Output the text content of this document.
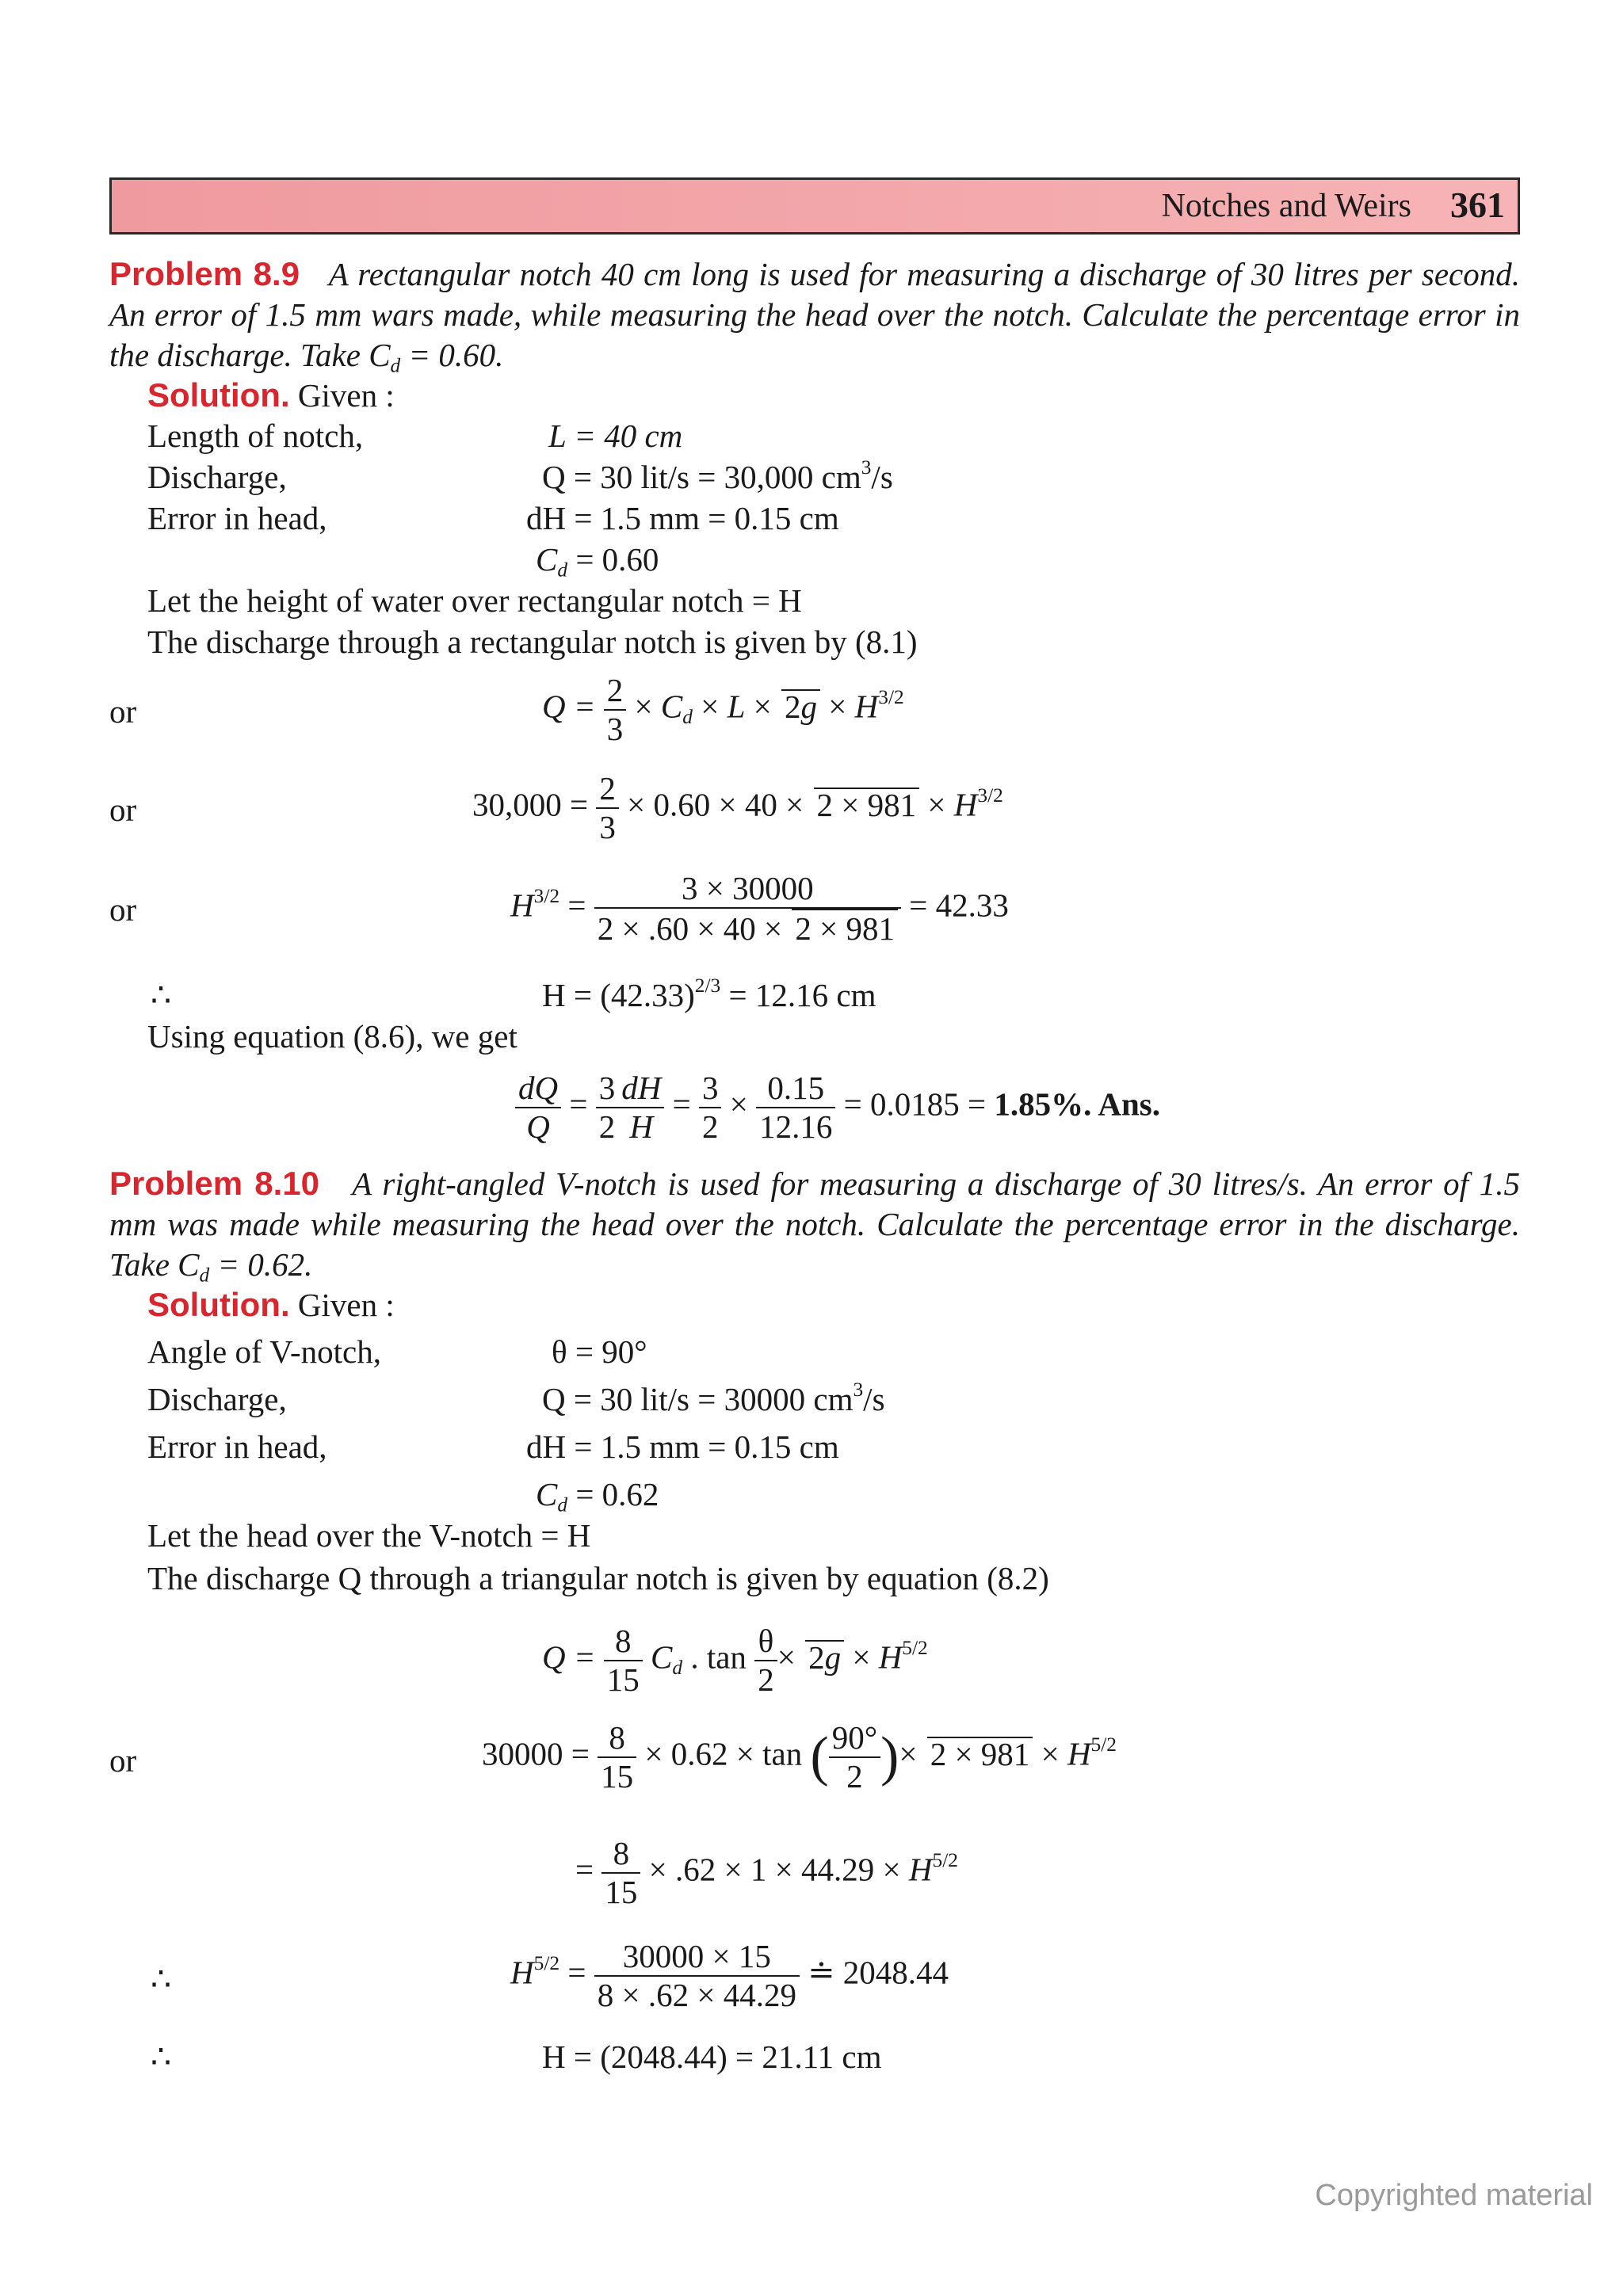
Notches and Weirs 361
Problem 8.9 A rectangular notch 40 cm long is used for measuring a discharge of 30 litres per second. An error of 1.5 mm wars made, while measuring the head over the notch. Calculate the percentage error in the discharge. Take $C_d = 0.60$.
Solution. Given :
Length of notch,	L = 40 cm
Discharge,	Q = 30 lit/s = 30,000 $cm^3/s$
Error in head,	dH = 1.5 mm = 0.15 cm
$C_d = 0.60$
Let the height of water over rectangular notch = H
The discharge through a rectangular notch is given by (8.1)
or	$Q = \frac{2}{3} \times C_d \times L \times 2g \times H^{3/2}$
or	$30,000 = \frac{2}{3} \times 0.60 \times 40 \times 2 \times 981 \times H^{3/2}$
or	$H^{3/2} = \frac{3 \times 30000}{2 \times .60 \times 40 \times 2 \times 981} = 42.33$
∴	$H = (42.33)^{2/3} = 12.16$ cm
Using equation (8.6), we get
$\frac{dQ}{Q} = \frac{3}{2} \frac{dH}{H} = \frac{3}{2} \times \frac{0.15}{12.16} = 0.0185 = 1.85\%$. Ans.
Problem 8.10 A right-angled V-notch is used for measuring a discharge of 30 litres/s. An error of 1.5 mm was made while measuring the head over the notch. Calculate the percentage error in the discharge. Take $C_d = 0.62$.
Solution. Given :
Angle of V-notch,	θ = 90°
Discharge,	Q = 30 lit/s = 30000 $cm^3/s$
Error in head,	dH = 1.5 mm = 0.15 cm
$C_d = 0.62$
Let the head over the V-notch = H
The discharge Q through a triangular notch is given by equation (8.2)
$Q = \frac{8}{15} C_d$ . $\tan \frac{\theta}{2} \times 2g \times H^{5/2}$
or	$30000 = \frac{8}{15} \times 0.62 \times \tan$ ( $\frac{90^\circ}{2}$ )× $2 \times 981 \times H^{5/2}$
= $\frac{8}{15} \times .62 \times 1 \times 44.29 \times H^{5/2}$
∴	$H^{5/2} = \frac{30000 \times 15}{8 \times .62 \times 44.29}$ ≐ 2048.44
∴	H = (2048.44) = 21.11 cm
Copyrighted material
